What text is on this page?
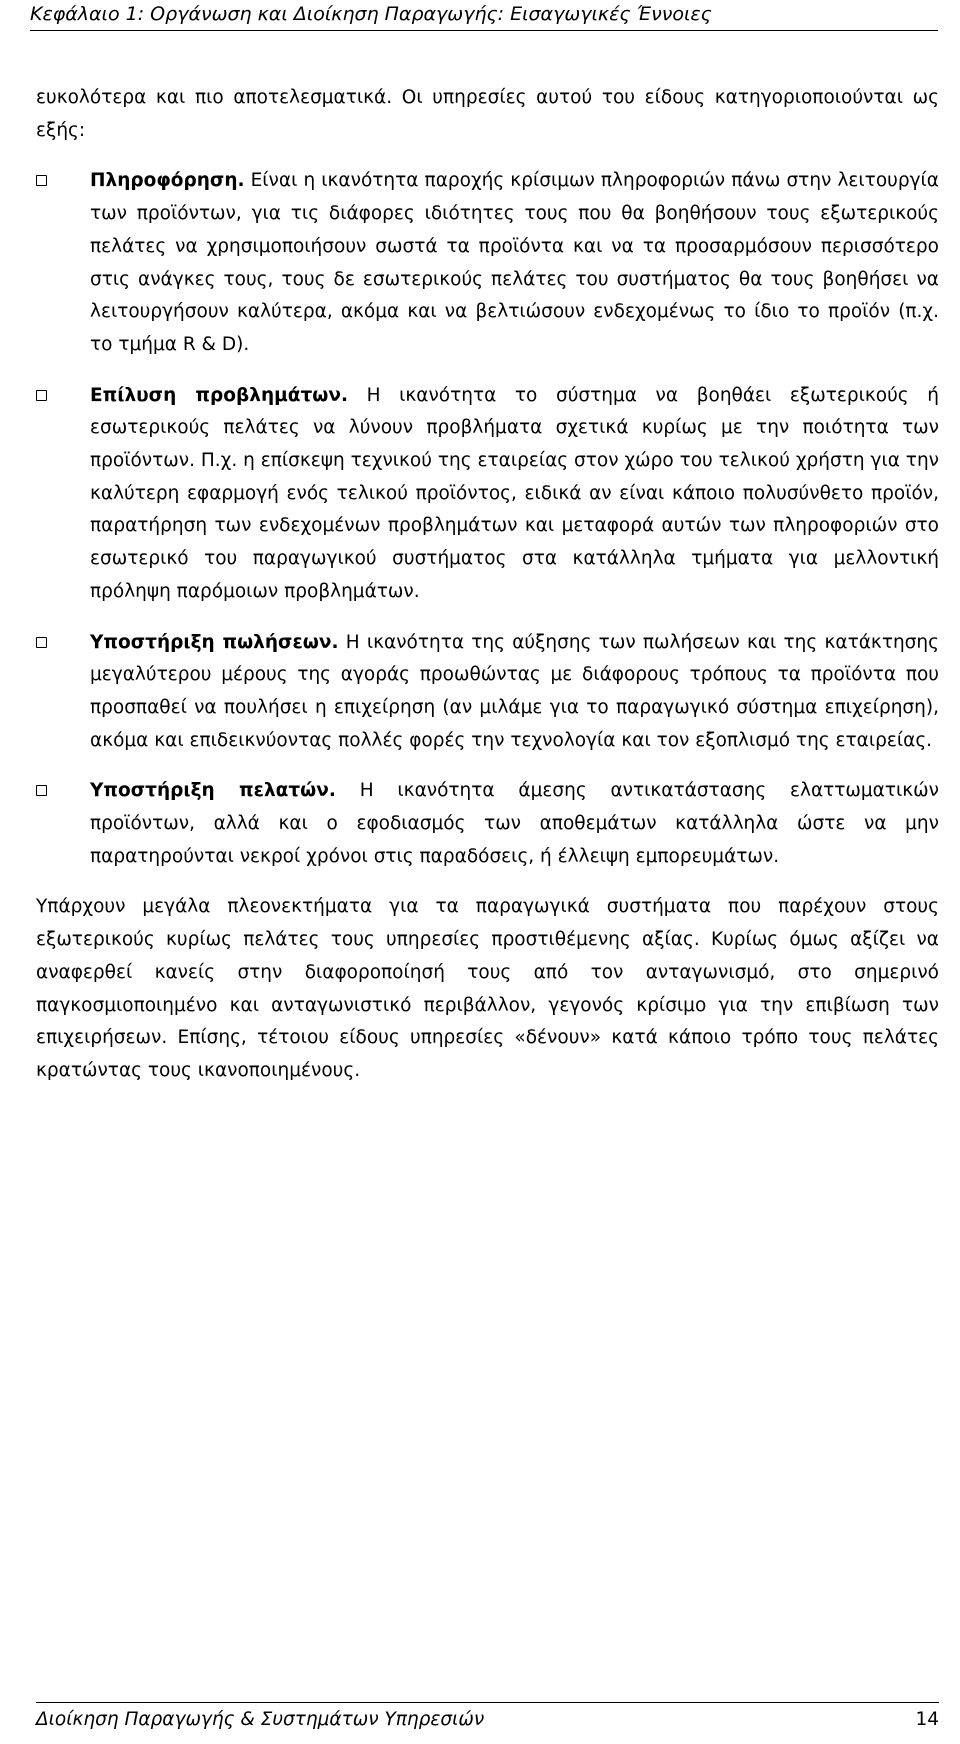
Κεφάλαιο 1: Οργάνωση και Διοίκηση Παραγωγής: Εισαγωγικές Έννοιες

ευκολότερα και πιο αποτελεσματικά. Οι υπηρεσίες αυτού του είδους κατηγοριοποιούνται ως εξής:

Πληροφόρηση. Είναι η ικανότητα παροχής κρίσιμων πληροφοριών πάνω στην λειτουργία των προϊόντων, για τις διάφορες ιδιότητες τους που θα βοηθήσουν τους εξωτερικούς πελάτες να χρησιμοποιήσουν σωστά τα προϊόντα και να τα προσαρμόσουν περισσότερο στις ανάγκες τους, τους δε εσωτερικούς πελάτες του συστήματος θα τους βοηθήσει να λειτουργήσουν καλύτερα, ακόμα και να βελτιώσουν ενδεχομένως το ίδιο το προϊόν (π.χ. το τμήμα R & D).

Επίλυση προβλημάτων. Η ικανότητα το σύστημα να βοηθάει εξωτερικούς ή εσωτερικούς πελάτες να λύνουν προβλήματα σχετικά κυρίως με την ποιότητα των προϊόντων. Π.χ. η επίσκεψη τεχνικού της εταιρείας στον χώρο του τελικού χρήστη για την καλύτερη εφαρμογή ενός τελικού προϊόντος, ειδικά αν είναι κάποιο πολυσύνθετο προϊόν, παρατήρηση των ενδεχομένων προβλημάτων και μεταφορά αυτών των πληροφοριών στο εσωτερικό του παραγωγικού συστήματος στα κατάλληλα τμήματα για μελλοντική πρόληψη παρόμοιων προβλημάτων.

Υποστήριξη πωλήσεων. Η ικανότητα της αύξησης των πωλήσεων και της κατάκτησης μεγαλύτερου μέρους της αγοράς προωθώντας με διάφορους τρόπους τα προϊόντα που προσπαθεί να πουλήσει η επιχείρηση (αν μιλάμε για το παραγωγικό σύστημα επιχείρηση), ακόμα και επιδεικνύοντας πολλές φορές την τεχνολογία και τον εξοπλισμό της εταιρείας.

Υποστήριξη πελατών. Η ικανότητα άμεσης αντικατάστασης ελαττωματικών προϊόντων, αλλά και ο εφοδιασμός των αποθεμάτων κατάλληλα ώστε να μην παρατηρούνται νεκροί χρόνοι στις παραδόσεις, ή έλλειψη εμπορευμάτων.

Υπάρχουν μεγάλα πλεονεκτήματα για τα παραγωγικά συστήματα που παρέχουν στους εξωτερικούς κυρίως πελάτες τους υπηρεσίες προστιθέμενης αξίας. Κυρίως όμως αξίζει να αναφερθεί κανείς στην διαφοροποίησή τους από τον ανταγωνισμό, στο σημερινό παγκοσμιοποιημένο και ανταγωνιστικό περιβάλλον, γεγονός κρίσιμο για την επιβίωση των επιχειρήσεων. Επίσης, τέτοιου είδους υπηρεσίες «δένουν» κατά κάποιο τρόπο τους πελάτες κρατώντας τους ικανοποιημένους.

Διοίκηση Παραγωγής & Συστημάτων Υπηρεσιών	14
